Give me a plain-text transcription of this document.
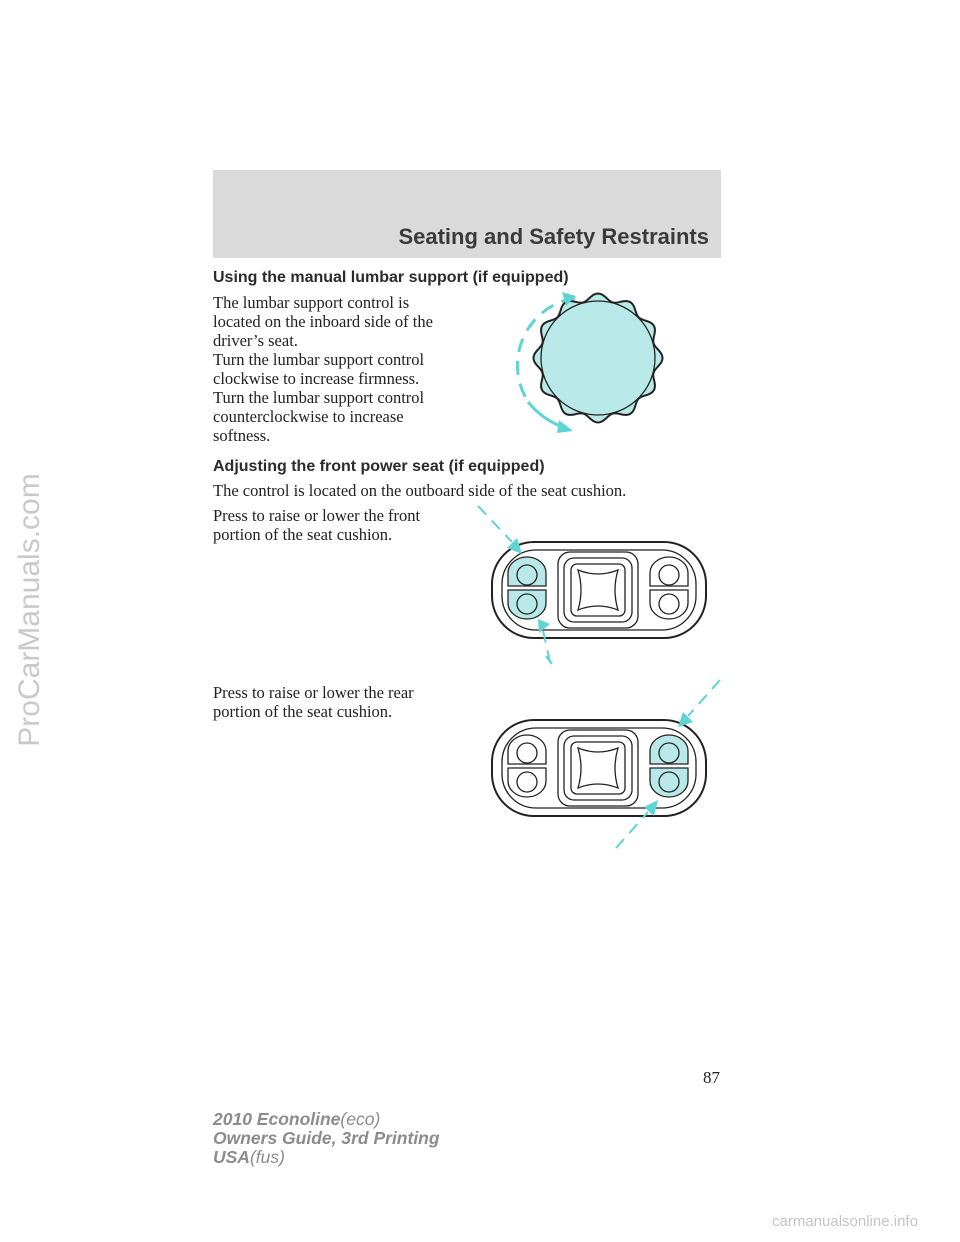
Seating and Safety Restraints
ProCarManuals.com
Using the manual lumbar support (if equipped)
The lumbar support control is located on the inboard side of the driver’s seat.
Turn the lumbar support control clockwise to increase firmness.
Turn the lumbar support control counterclockwise to increase softness.
Adjusting the front power seat (if equipped)
The control is located on the outboard side of the seat cushion.
Press to raise or lower the front portion of the seat cushion.
Press to raise or lower the rear portion of the seat cushion.
87
2010 Econoline(eco)
Owners Guide, 3rd Printing
USA(fus)
carmanualsonline.info
